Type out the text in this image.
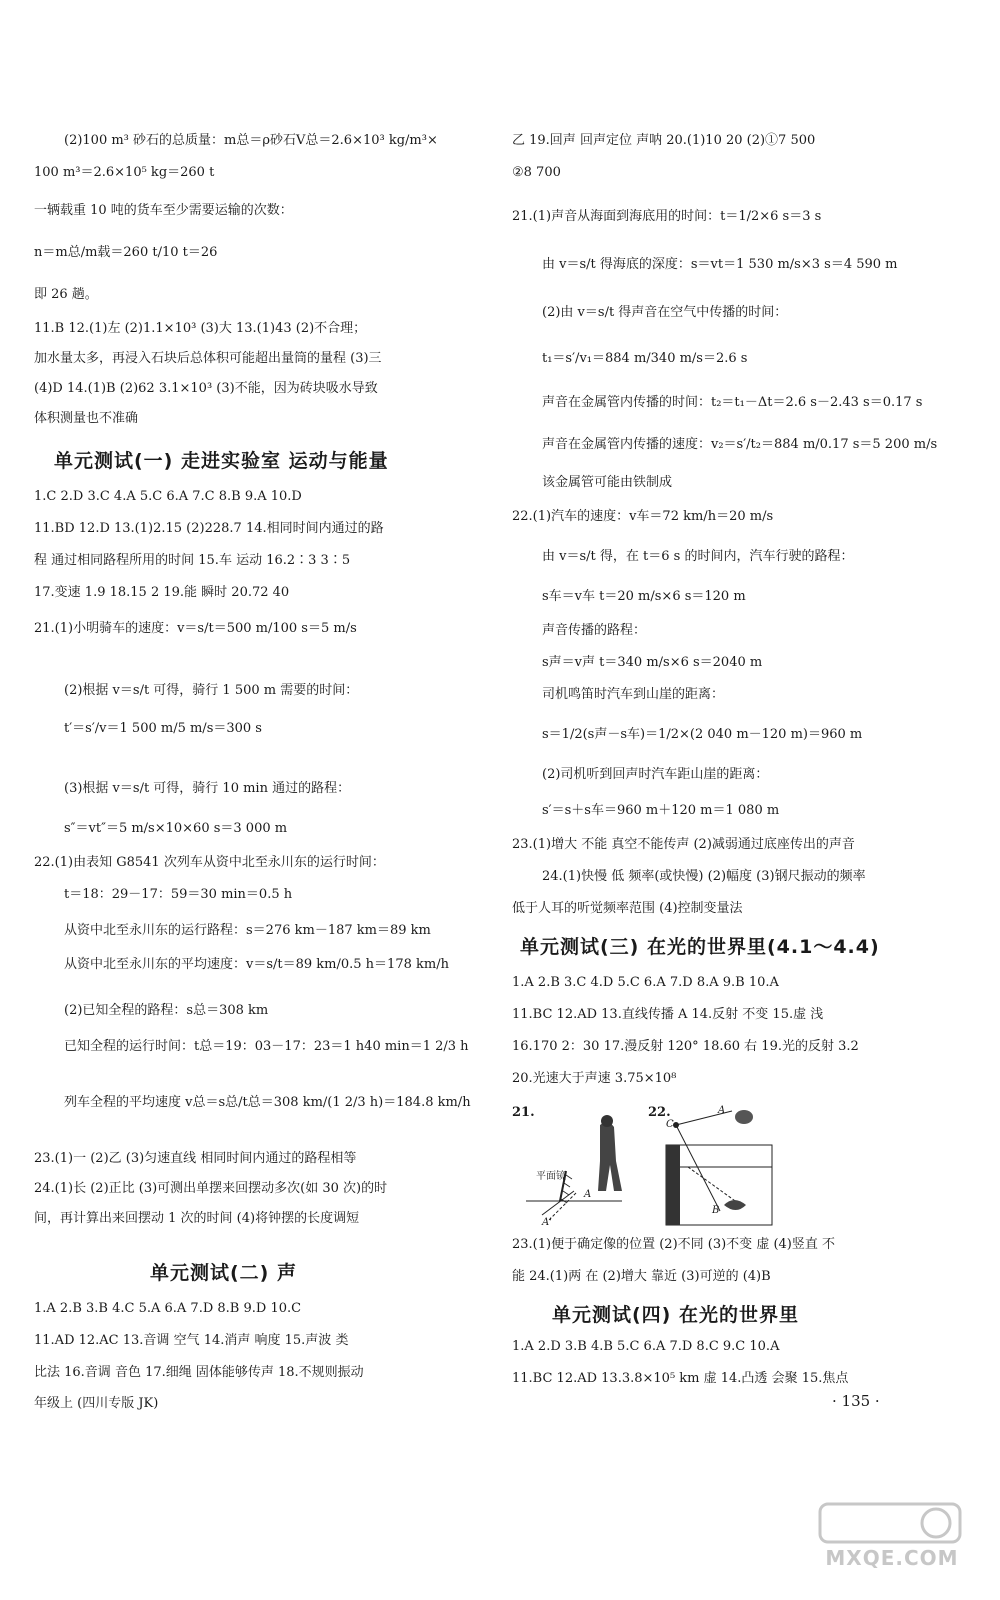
(2)100 m³ 砂石的总质量：m总＝ρ砂石V总＝2.6×10³ kg/m³×
100 m³＝2.6×10⁵ kg＝260 t
一辆载重 10 吨的货车至少需要运输的次数：
n＝m总/m载＝260 t/10 t＝26
即 26 趟。
11.B 12.(1)左 (2)1.1×10³ (3)大 13.(1)43 (2)不合理；
加水量太多，再浸入石块后总体积可能超出量筒的量程 (3)三
(4)D 14.(1)B (2)62 3.1×10³ (3)不能，因为砖块吸水导致
体积测量也不准确
单元测试(一) 走进实验室 运动与能量
1.C 2.D 3.C 4.A 5.C 6.A 7.C 8.B 9.A 10.D
11.BD 12.D 13.(1)2.15 (2)228.7 14.相同时间内通过的路
程 通过相同路程所用的时间 15.车 运动 16.2∶3 3∶5
17.变速 1.9 18.15 2 19.能 瞬时 20.72 40
21.(1)小明骑车的速度：v＝s/t＝500 m/100 s＝5 m/s
(2)根据 v＝s/t 可得，骑行 1 500 m 需要的时间：
t′＝s′/v＝1 500 m/5 m/s＝300 s
(3)根据 v＝s/t 可得，骑行 10 min 通过的路程：
s″＝vt″＝5 m/s×10×60 s＝3 000 m
22.(1)由表知 G8541 次列车从资中北至永川东的运行时间：
t＝18：29－17：59＝30 min＝0.5 h
从资中北至永川东的运行路程：s＝276 km－187 km＝89 km
从资中北至永川东的平均速度：v＝s/t＝89 km/0.5 h＝178 km/h
(2)已知全程的路程：s总＝308 km
已知全程的运行时间：t总＝19：03－17：23＝1 h40 min＝1 2/3 h
列车全程的平均速度 v总＝s总/t总＝308 km/(1 2/3 h)＝184.8 km/h
23.(1)一 (2)乙 (3)匀速直线 相同时间内通过的路程相等
24.(1)长 (2)正比 (3)可测出单摆来回摆动多次(如 30 次)的时
间，再计算出来回摆动 1 次的时间 (4)将钟摆的长度调短
单元测试(二) 声
1.A 2.B 3.B 4.C 5.A 6.A 7.D 8.B 9.D 10.C
11.AD 12.AC 13.音调 空气 14.消声 响度 15.声波 类
比法 16.音调 音色 17.细绳 固体能够传声 18.不规则振动
年级上 (四川专版 JK)
乙 19.回声 回声定位 声呐 20.(1)10 20 (2)①7 500
②8 700
21.(1)声音从海面到海底用的时间：t＝1/2×6 s＝3 s
由 v＝s/t 得海底的深度：s＝vt＝1 530 m/s×3 s＝4 590 m
(2)由 v＝s/t 得声音在空气中传播的时间：
t₁＝s′/v₁＝884 m/340 m/s＝2.6 s
声音在金属管内传播的时间：t₂＝t₁－Δt＝2.6 s－2.43 s＝0.17 s
声音在金属管内传播的速度：v₂＝s′/t₂＝884 m/0.17 s＝5 200 m/s
该金属管可能由铁制成
22.(1)汽车的速度：v车＝72 km/h＝20 m/s
由 v＝s/t 得，在 t＝6 s 的时间内，汽车行驶的路程：
s车＝v车 t＝20 m/s×6 s＝120 m
声音传播的路程：
s声＝v声 t＝340 m/s×6 s＝2040 m
司机鸣笛时汽车到山崖的距离：
s＝1/2(s声－s车)＝1/2×(2 040 m－120 m)＝960 m
(2)司机听到回声时汽车距山崖的距离：
s′＝s＋s车＝960 m＋120 m＝1 080 m
23.(1)增大 不能 真空不能传声 (2)减弱通过底座传出的声音
24.(1)快慢 低 频率(或快慢) (2)幅度 (3)钢尺振动的频率
低于人耳的听觉频率范围 (4)控制变量法
单元测试(三) 在光的世界里(4.1～4.4)
1.A 2.B 3.C 4.D 5.C 6.A 7.D 8.A 9.B 10.A
11.BC 12.AD 13.直线传播 A 14.反射 不变 15.虚 浅
16.170 2：30 17.漫反射 120° 18.60 右 19.光的反射 3.2
20.光速大于声速 3.75×10⁸
21.
平面镜
A
A'
22.	A
B
C
23.(1)便于确定像的位置 (2)不同 (3)不变 虚 (4)竖直 不
能 24.(1)两 在 (2)增大 靠近 (3)可逆的 (4)B
单元测试(四) 在光的世界里
1.A 2.D 3.B 4.B 5.C 6.A 7.D 8.C 9.C 10.A
11.BC 12.AD 13.3.8×10⁵ km 虚 14.凸透 会聚 15.焦点
· 135 ·
MXQE.COM
